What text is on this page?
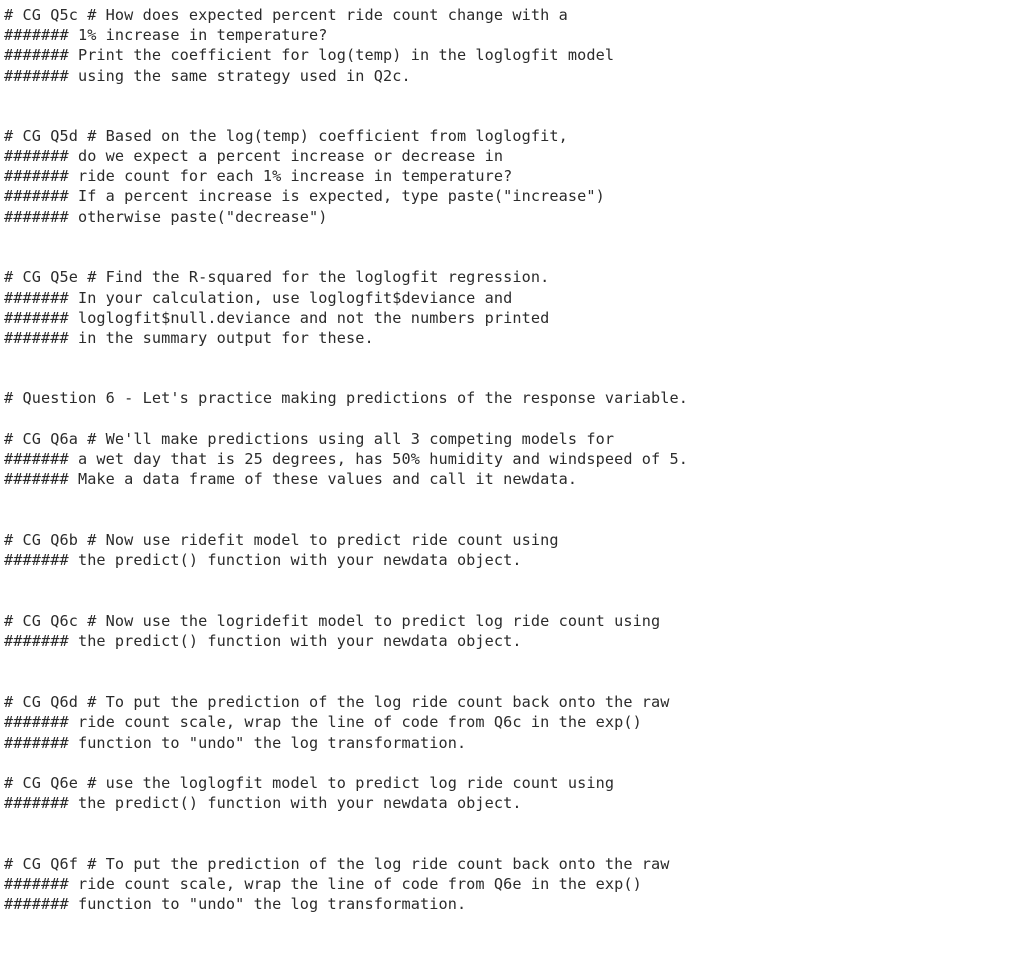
# CG Q5c # How does expected percent ride count change with a
####### 1% increase in temperature?
####### Print the coefficient for log(temp) in the loglogfit model
####### using the same strategy used in Q2c.
# CG Q5d # Based on the log(temp) coefficient from loglogfit,
####### do we expect a percent increase or decrease in
####### ride count for each 1% increase in temperature?
####### If a percent increase is expected, type paste("increase")
####### otherwise paste("decrease")
# CG Q5e # Find the R-squared for the loglogfit regression.
####### In your calculation, use loglogfit$deviance and
####### loglogfit$null.deviance and not the numbers printed
####### in the summary output for these.
# Question 6 - Let's practice making predictions of the response variable.
# CG Q6a # We'll make predictions using all 3 competing models for
####### a wet day that is 25 degrees, has 50% humidity and windspeed of 5.
####### Make a data frame of these values and call it newdata.
# CG Q6b # Now use ridefit model to predict ride count using
####### the predict() function with your newdata object.
# CG Q6c # Now use the logridefit model to predict log ride count using
####### the predict() function with your newdata object.
# CG Q6d # To put the prediction of the log ride count back onto the raw
####### ride count scale, wrap the line of code from Q6c in the exp()
####### function to "undo" the log transformation.
# CG Q6e # use the loglogfit model to predict log ride count using
####### the predict() function with your newdata object.
# CG Q6f # To put the prediction of the log ride count back onto the raw
####### ride count scale, wrap the line of code from Q6e in the exp()
####### function to "undo" the log transformation.
